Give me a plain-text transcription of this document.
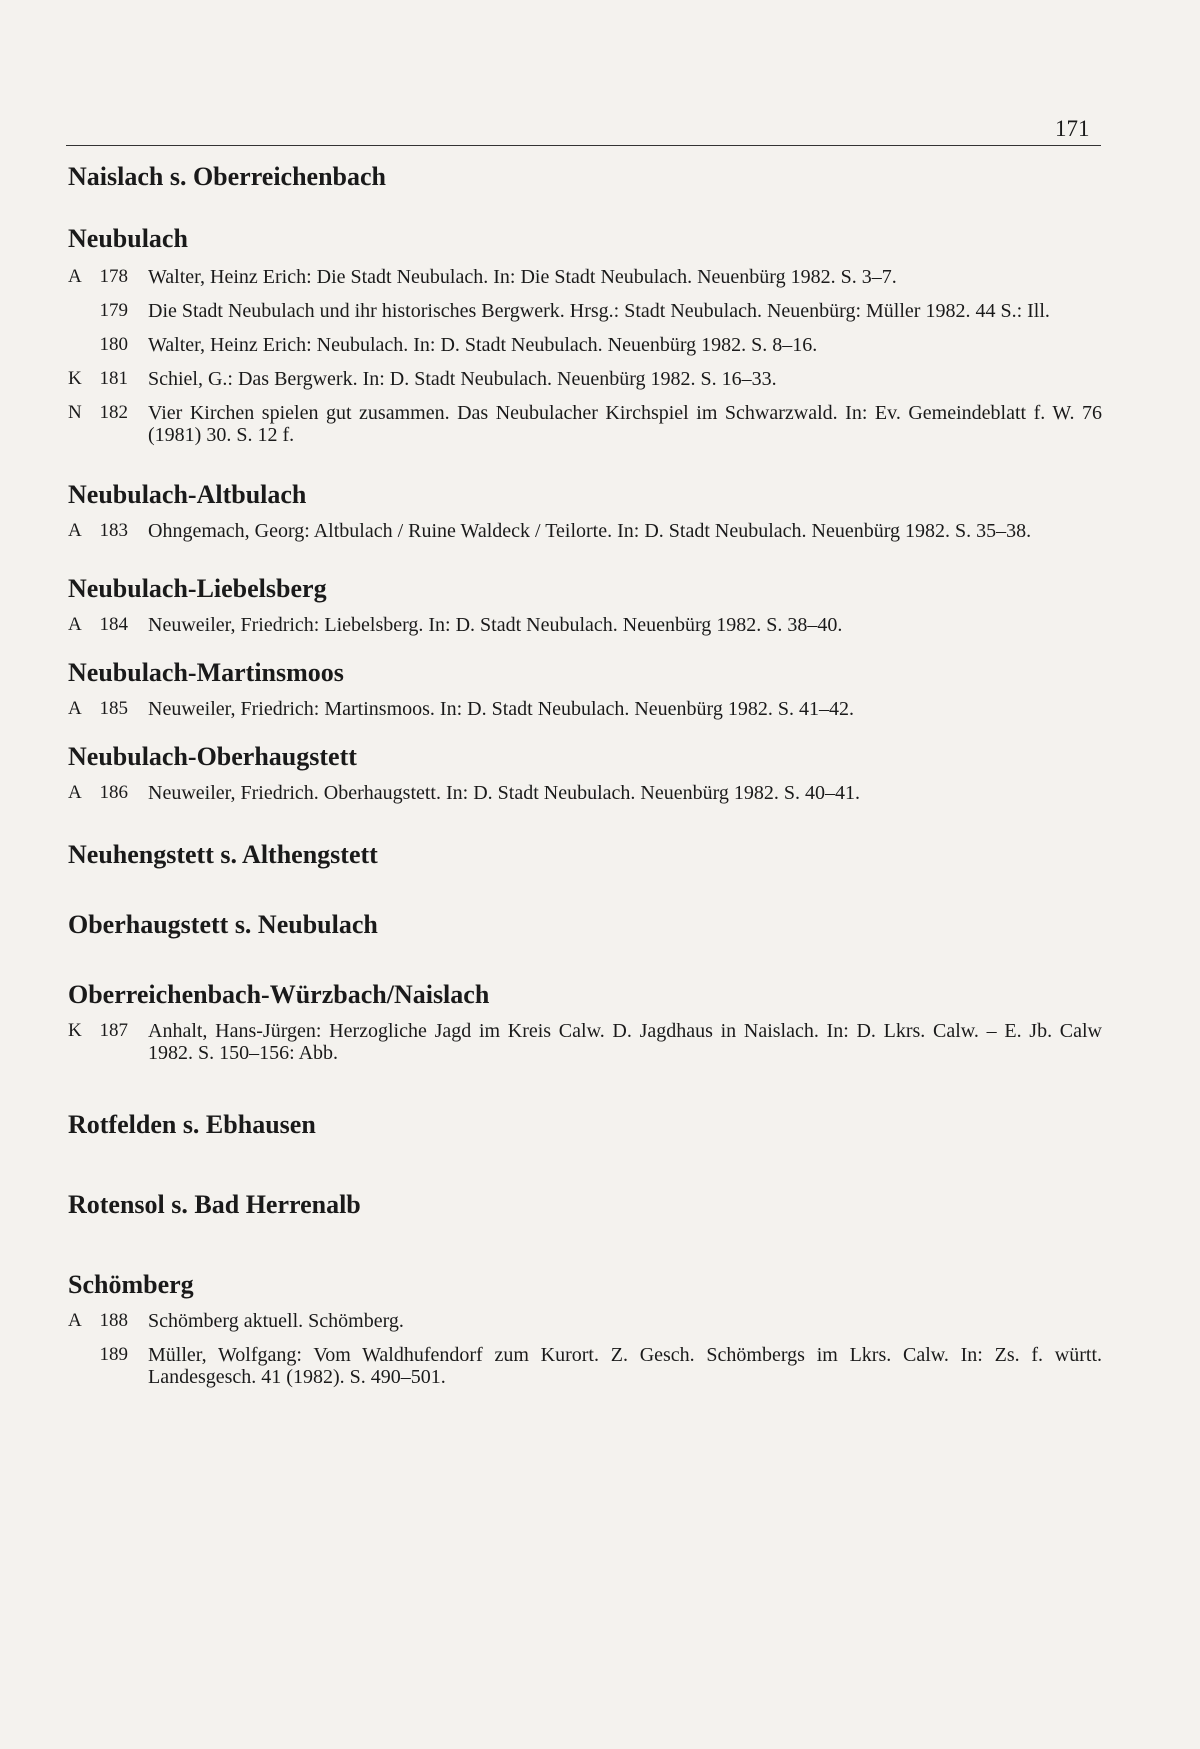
171
Naislach s. Oberreichenbach
Neubulach
A 178	Walter, Heinz Erich: Die Stadt Neubulach. In: Die Stadt Neubulach. Neuenbürg 1982. S. 3–7.
179	Die Stadt Neubulach und ihr historisches Bergwerk. Hrsg.: Stadt Neubulach. Neuenbürg: Müller 1982. 44 S.: Ill.
180	Walter, Heinz Erich: Neubulach. In: D. Stadt Neubulach. Neuenbürg 1982. S. 8–16.
K 181	Schiel, G.: Das Bergwerk. In: D. Stadt Neubulach. Neuenbürg 1982. S. 16–33.
N 182	Vier Kirchen spielen gut zusammen. Das Neubulacher Kirchspiel im Schwarzwald. In: Ev. Gemeindeblatt f. W. 76 (1981) 30. S. 12 f.
Neubulach-Altbulach
A 183	Ohngemach, Georg: Altbulach / Ruine Waldeck / Teilorte. In: D. Stadt Neubulach. Neuenbürg 1982. S. 35–38.
Neubulach-Liebelsberg
A 184	Neuweiler, Friedrich: Liebelsberg. In: D. Stadt Neubulach. Neuenbürg 1982. S. 38–40.
Neubulach-Martinsmoos
A 185	Neuweiler, Friedrich: Martinsmoos. In: D. Stadt Neubulach. Neuenbürg 1982. S. 41–42.
Neubulach-Oberhaugstett
A 186	Neuweiler, Friedrich. Oberhaugstett. In: D. Stadt Neubulach. Neuenbürg 1982. S. 40–41.
Neuhengstett s. Althengstett
Oberhaugstett s. Neubulach
Oberreichenbach-Würzbach/Naislach
K 187	Anhalt, Hans-Jürgen: Herzogliche Jagd im Kreis Calw. D. Jagdhaus in Naislach. In: D. Lkrs. Calw. – E. Jb. Calw 1982. S. 150–156: Abb.
Rotfelden s. Ebhausen
Rotensol s. Bad Herrenalb
Schömberg
A 188	Schömberg aktuell. Schömberg.
189	Müller, Wolfgang: Vom Waldhufendorf zum Kurort. Z. Gesch. Schömbergs im Lkrs. Calw. In: Zs. f. württ. Landesgesch. 41 (1982). S. 490–501.
